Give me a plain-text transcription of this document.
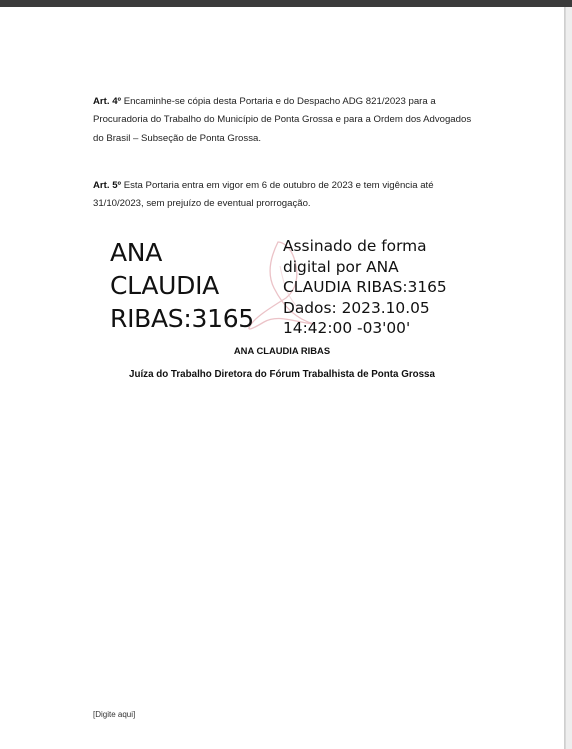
Art. 4º Encaminhe-se cópia desta Portaria e do Despacho ADG 821/2023 para a Procuradoria do Trabalho do Município de Ponta Grossa e para a Ordem dos Advogados do Brasil – Subseção de Ponta Grossa.

Art. 5º Esta Portaria entra em vigor em 6 de outubro de 2023 e tem vigência até 31/10/2023, sem prejuízo de eventual prorrogação.

ANA
CLAUDIA
RIBAS:3165
Assinado de forma
digital por ANA
CLAUDIA RIBAS:3165
Dados: 2023.10.05
14:42:00 -03'00'

ANA CLAUDIA RIBAS

Juíza do Trabalho Diretora do Fórum Trabalhista de Ponta Grossa

[Digite aqui]
